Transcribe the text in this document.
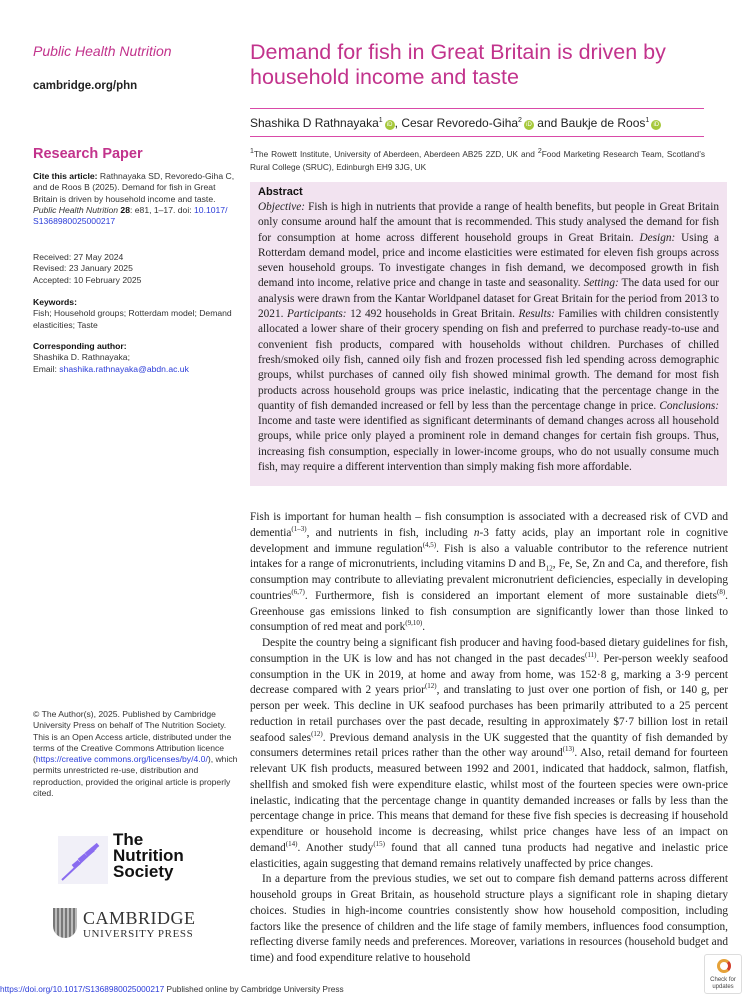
Public Health Nutrition
cambridge.org/phn
Research Paper
Cite this article: Rathnayaka SD, Revoredo-Giha C, and de Roos B (2025). Demand for fish in Great Britain is driven by household income and taste. Public Health Nutrition 28: e81, 1–17. doi: 10.1017/ S1368980025000217
Received: 27 May 2024
Revised: 23 January 2025
Accepted: 10 February 2025
Keywords:
Fish; Household groups; Rotterdam model; Demand elasticities; Taste
Corresponding author:
Shashika D. Rathnayaka;
Email: shashika.rathnayaka@abdn.ac.uk
© The Author(s), 2025. Published by Cambridge University Press on behalf of The Nutrition Society. This is an Open Access article, distributed under the terms of the Creative Commons Attribution licence (https://creative commons.org/licenses/by/4.0/), which permits unrestricted re-use, distribution and reproduction, provided the original article is properly cited.
The Nutrition Society
CAMBRIDGE
UNIVERSITY PRESS
Demand for fish in Great Britain is driven by household income and taste
Shashika D Rathnayaka$^1$iD , Cesar Revoredo-Giha$^2$iD and Baukje de Roos$^1$iD
$^1$The Rowett Institute, University of Aberdeen, Aberdeen AB25 2ZD, UK and $^2$Food Marketing Research Team, Scotland’s Rural College (SRUC), Edinburgh EH9 3JG, UK
Abstract

Objective: Fish is high in nutrients that provide a range of health benefits, but people in Great Britain only consume around half the amount that is recommended. This study analysed the demand for fish for consumption at home across different household groups in Great Britain. Design: Using a Rotterdam demand model, price and income elasticities were estimated for eleven fish groups across seven household groups. To investigate changes in fish demand, we decomposed growth in fish demand into income, relative price and change in taste and seasonality. Setting: The data used for our analysis were drawn from the Kantar Worldpanel dataset for Great Britain for the period from 2013 to 2021. Participants: 12 492 households in Great Britain. Results: Families with children consistently allocated a lower share of their grocery spending on fish and preferred to purchase ready-to-use and convenient fish products, compared with households without children. Purchases of chilled fresh/smoked oily fish, canned oily fish and frozen processed fish led spending across demographic groups, whilst purchases of canned oily fish showed minimal growth. The demand for most fish products across household groups was price inelastic, indicating that the percentage change in the quantity of fish demanded increased or fell by less than the percentage change in price. Conclusions: Income and taste were identified as significant determinants of demand changes across all household groups, while price only played a prominent role in demand changes for certain fish groups. Thus, increasing fish consumption, especially in lower-income groups, who do not usually consume much fish, may require a different intervention than simply making fish more affordable.

Fish is important for human health – fish consumption is associated with a decreased risk of CVD and dementia$^{(1-3)}$, and nutrients in fish, including n-3 fatty acids, play an important role in cognitive development and immune regulation$^{(4,5)}$. Fish is also a valuable contributor to the reference nutrient intakes for a range of micronutrients, including vitamins D and $B_{12}$, Fe, Se, Zn and Ca, and therefore, fish consumption may contribute to alleviating prevalent micronutrient deficiencies, especially in developing countries$^{(6,7)}$. Furthermore, fish is considered an important element of more sustainable diets$^{(8)}$. Greenhouse gas emissions linked to fish consumption are significantly lower than those linked to consumption of red meat and pork$^{(9,10)}$.

Despite the country being a significant fish producer and having food-based dietary guidelines for fish, consumption in the UK is low and has not changed in the past decades$^{(11)}$. Per-person weekly seafood consumption in the UK in 2019, at home and away from home, was 152·8 g, marking a 3·9 percent decrease compared with 2 years prior$^{(12)}$, and translating to just over one portion of fish, or 140 g, per person per week. This decline in UK seafood purchases has been primarily attributed to a 25 percent reduction in retail purchases over the past decade, resulting in approximately $7·7 billion lost in retail seafood sales$^{(12)}$. Previous demand analysis in the UK suggested that the quantity of fish demanded by consumers determines retail prices rather than the other way around$^{(13)}$. Also, retail demand for fourteen relevant UK fish products, measured between 1992 and 2001, indicated that haddock, salmon, flatfish, shellfish and smoked fish were expenditure elastic, whilst most of the fourteen species were own-price inelastic, indicating that the percentage change in quantity demanded increases or falls by less than the percentage change in price. This means that demand for these five fish species is decreasing if household expenditure or household income is decreasing, whilst price changes have less of an impact on demand$^{(14)}$. Another study$^{(15)}$ found that all canned tuna products had negative and inelastic price elasticities, again suggesting that demand remains relatively unaffected by price changes.

In a departure from the previous studies, we set out to compare fish demand patterns across different household groups in Great Britain, as household structure plays a significant role in shaping dietary choices. Studies in high-income countries consistently show how household composition, including factors like the presence of children and the life stage of family members, influences food consumption, reflecting diverse family needs and preferences. Moreover, variations in resources (household budget and time) and food expenditure relative to household

https://doi.org/10.1017/S1368980025000217 Published online by Cambridge University Press
Check for
updates
